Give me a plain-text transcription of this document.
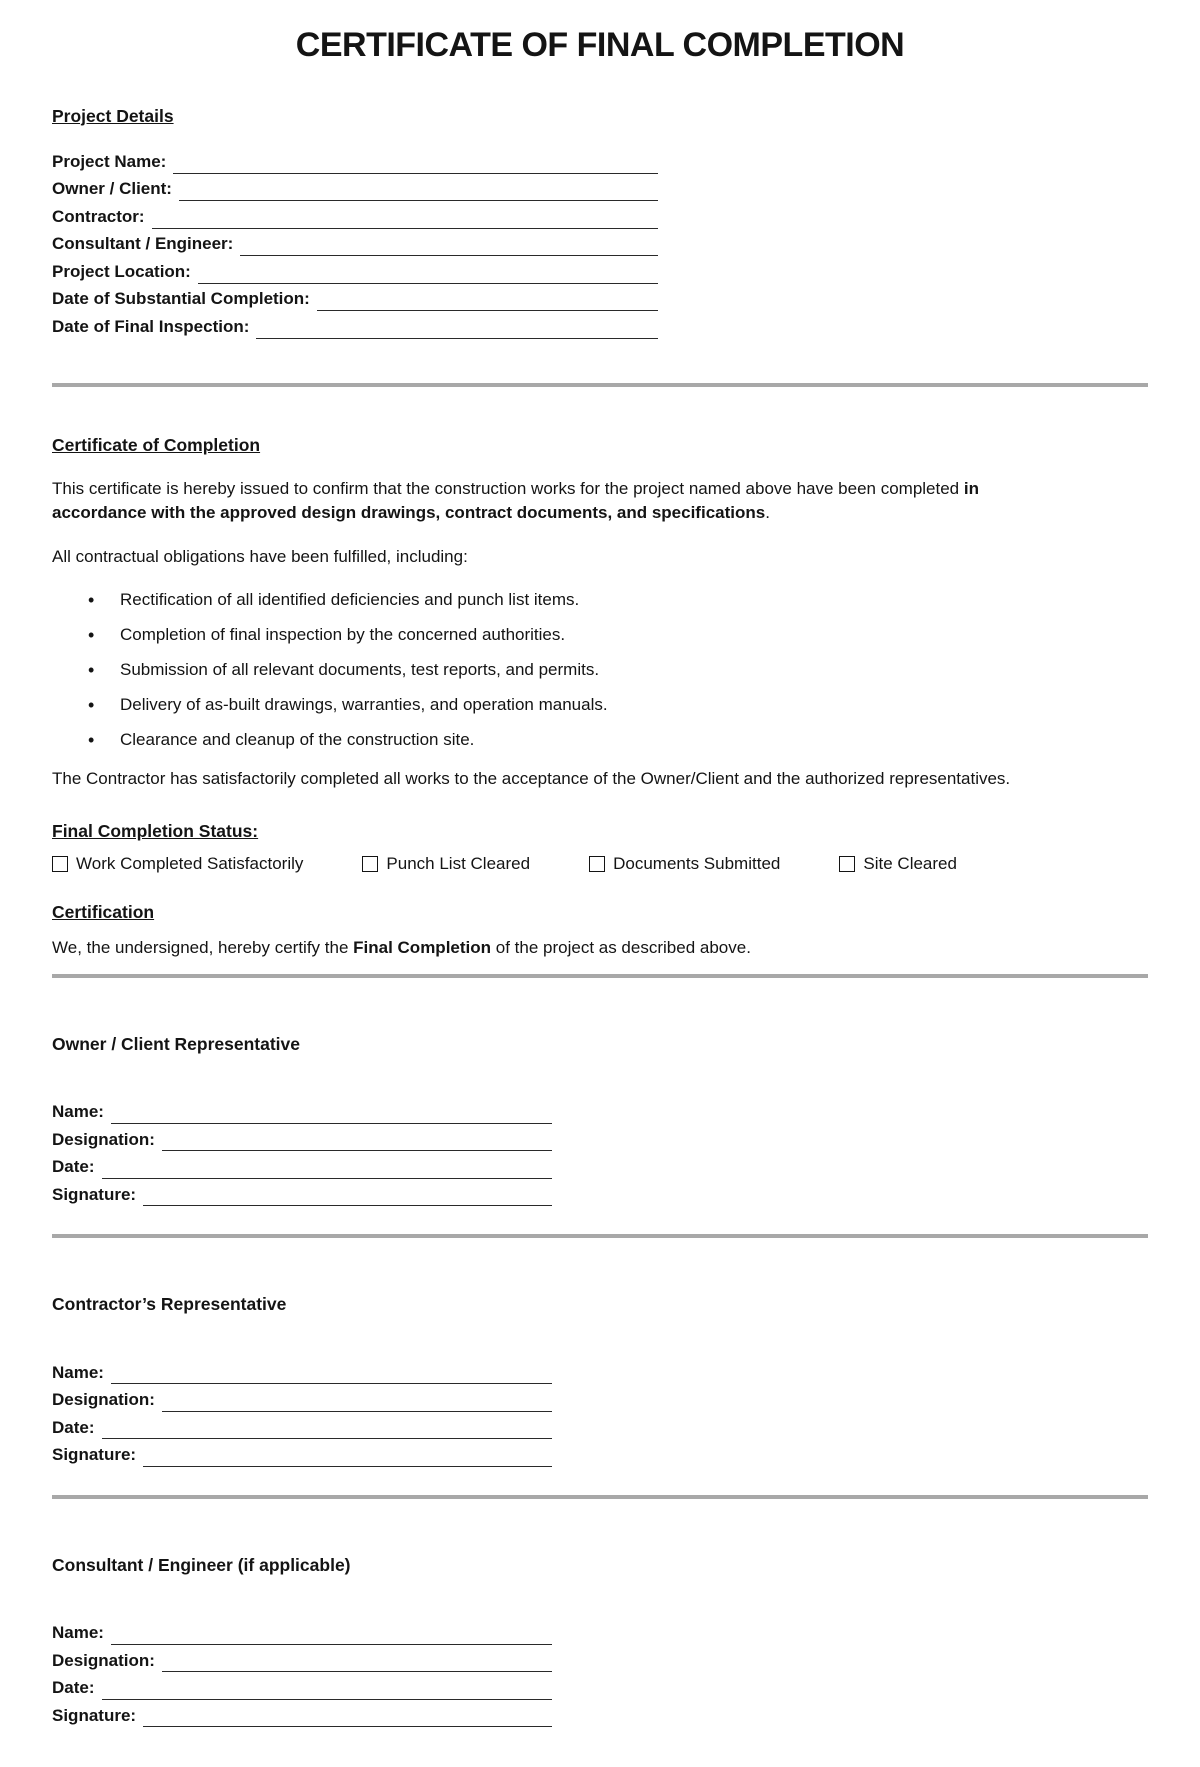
CERTIFICATE OF FINAL COMPLETION
Project Details
Project Name:
Owner / Client:
Contractor:
Consultant / Engineer:
Project Location:
Date of Substantial Completion:
Date of Final Inspection:
Certificate of Completion

This certificate is hereby issued to confirm that the construction works for the project named above have been completed in accordance with the approved design drawings, contract documents, and specifications.

All contractual obligations have been fulfilled, including:

• Rectification of all identified deficiencies and punch list items.
• Completion of final inspection by the concerned authorities.
• Submission of all relevant documents, test reports, and permits.
• Delivery of as-built drawings, warranties, and operation manuals.
• Clearance and cleanup of the construction site.

The Contractor has satisfactorily completed all works to the acceptance of the Owner/Client and the authorized representatives.

Final Completion Status:
Work Completed Satisfactorily	Punch List Cleared	Documents Submitted	Site Cleared
Certification

We, the undersigned, hereby certify the Final Completion of the project as described above.

Owner / Client Representative
Name:
Designation:
Date:
Signature:
Contractor’s Representative
Name:
Designation:
Date:
Signature:
Consultant / Engineer (if applicable)
Name:
Designation:
Date:
Signature:
